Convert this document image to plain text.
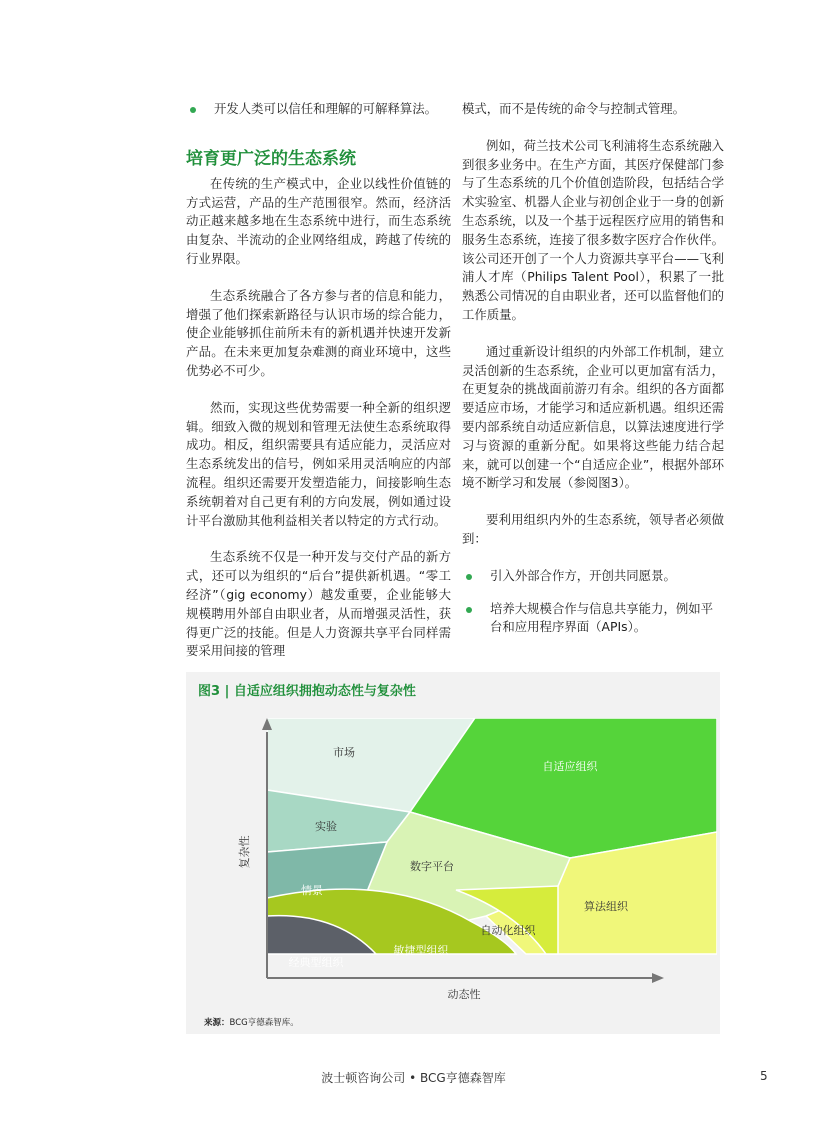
开发人类可以信任和理解的可解释算法。
培育更广泛的生态系统

在传统的生产模式中，企业以线性价值链的方式运营，产品的生产范围很窄。然而，经济活动正越来越多地在生态系统中进行，而生态系统由复杂、半流动的企业网络组成，跨越了传统的行业界限。

生态系统融合了各方参与者的信息和能力，增强了他们探索新路径与认识市场的综合能力，使企业能够抓住前所未有的新机遇并快速开发新产品。在未来更加复杂难测的商业环境中，这些优势必不可少。

然而，实现这些优势需要一种全新的组织逻辑。细致入微的规划和管理无法使生态系统取得成功。相反，组织需要具有适应能力，灵活应对生态系统发出的信号，例如采用灵活响应的内部流程。组织还需要开发塑造能力，间接影响生态系统朝着对自己更有利的方向发展，例如通过设计平台激励其他利益相关者以特定的方式行动。

生态系统不仅是一种开发与交付产品的新方式，还可以为组织的“后台”提供新机遇。“零工经济”（gig economy）越发重要，企业能够大规模聘用外部自由职业者，从而增强灵活性，获得更广泛的技能。但是人力资源共享平台同样需要采用间接的管理

模式，而不是传统的命令与控制式管理。

例如，荷兰技术公司飞利浦将生态系统融入到很多业务中。在生产方面，其医疗保健部门参与了生态系统的几个价值创造阶段，包括结合学术实验室、机器人企业与初创企业于一身的创新生态系统，以及一个基于远程医疗应用的销售和服务生态系统，连接了很多数字医疗合作伙伴。该公司还开创了一个人力资源共享平台——飞利浦人才库（Philips Talent Pool），积累了一批熟悉公司情况的自由职业者，还可以监督他们的工作质量。

通过重新设计组织的内外部工作机制，建立灵活创新的生态系统，企业可以更加富有活力，在更复杂的挑战面前游刃有余。组织的各方面都要适应市场，才能学习和适应新机遇。组织还需要内部系统自动适应新信息，以算法速度进行学习与资源的重新分配。如果将这些能力结合起来，就可以创建一个“自适应企业”，根据外部环境不断学习和发展（参阅图3）。

要利用组织内外的生态系统，领导者必须做到：

引入外部合作方，开创共同愿景。
培养大规模合作与信息共享能力，例如平台和应用程序界面（APIs）。
图3 | 自适应组织拥抱动态性与复杂性
复杂性
动态性
市场
自适应组织
实验
数字平台
情景
算法组织
自动化组织
敏捷型组织
经典型组织
来源：BCG亨德森智库。
波士顿咨询公司 • BCG亨德森智库	5
